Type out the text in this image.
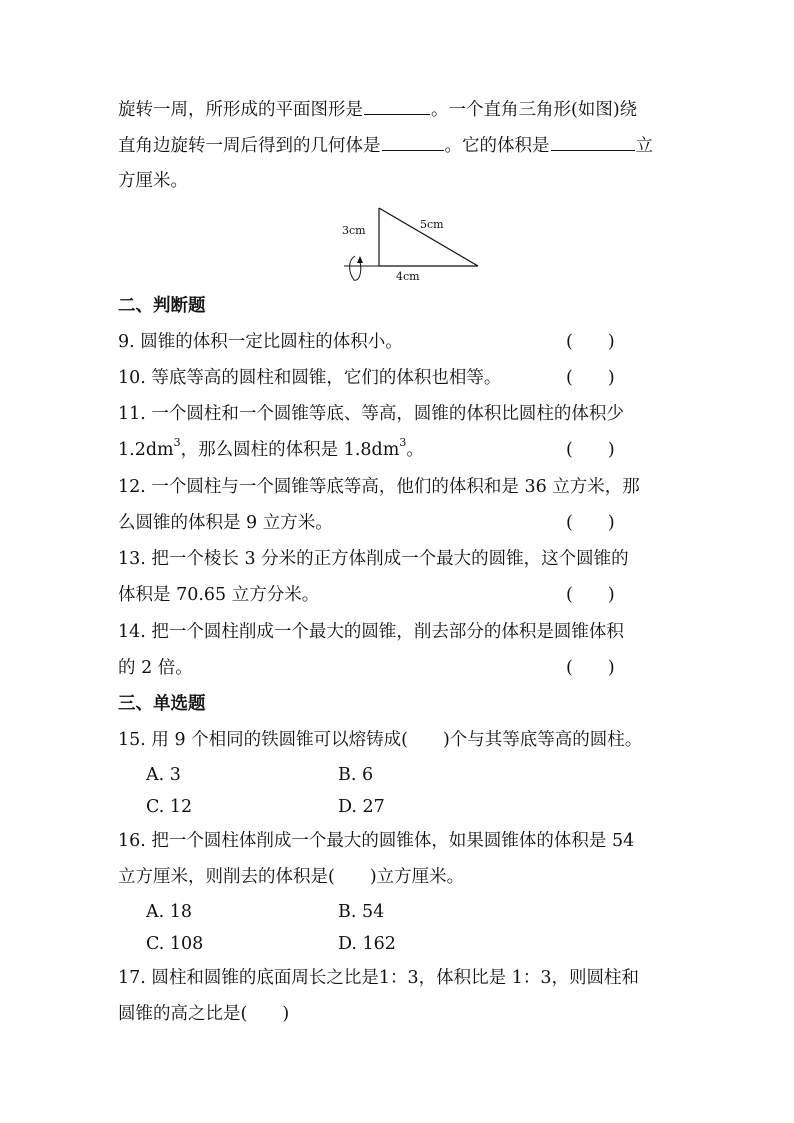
旋转一周，所形成的平面图形是	。一个直角三角形(如图)绕
直角边旋转一周后得到的几何体是	。它的体积是	立
方厘米。
3cm	5cm
4cm
二、判断题
9. 圆锥的体积一定比圆柱的体积小。	(　　)
10. 等底等高的圆柱和圆锥，它们的体积也相等。	(　　)
11. 一个圆柱和一个圆锥等底、等高，圆锥的体积比圆柱的体积少
$1.2dm^3$，那么圆柱的体积是 $1.8dm^3$。	(　　)
12. 一个圆柱与一个圆锥等底等高，他们的体积和是 36 立方米，那
么圆锥的体积是 9 立方米。	(　　)
13. 把一个棱长 3 分米的正方体削成一个最大的圆锥，这个圆锥的
体积是 70.65 立方分米。	(　　)
14. 把一个圆柱削成一个最大的圆锥，削去部分的体积是圆锥体积
的 2 倍。	(　　)
三、单选题
15. 用 9 个相同的铁圆锥可以熔铸成(　　)个与其等底等高的圆柱。
A. 3	B. 6
C. 12	D. 27
16. 把一个圆柱体削成一个最大的圆锥体，如果圆锥体的体积是 54
立方厘米，则削去的体积是(　　)立方厘米。
A. 18	B. 54
C. 108	D. 162
17. 圆柱和圆锥的底面周长之比是1：3，体积比是 1：3，则圆柱和
圆锥的高之比是(　　)
